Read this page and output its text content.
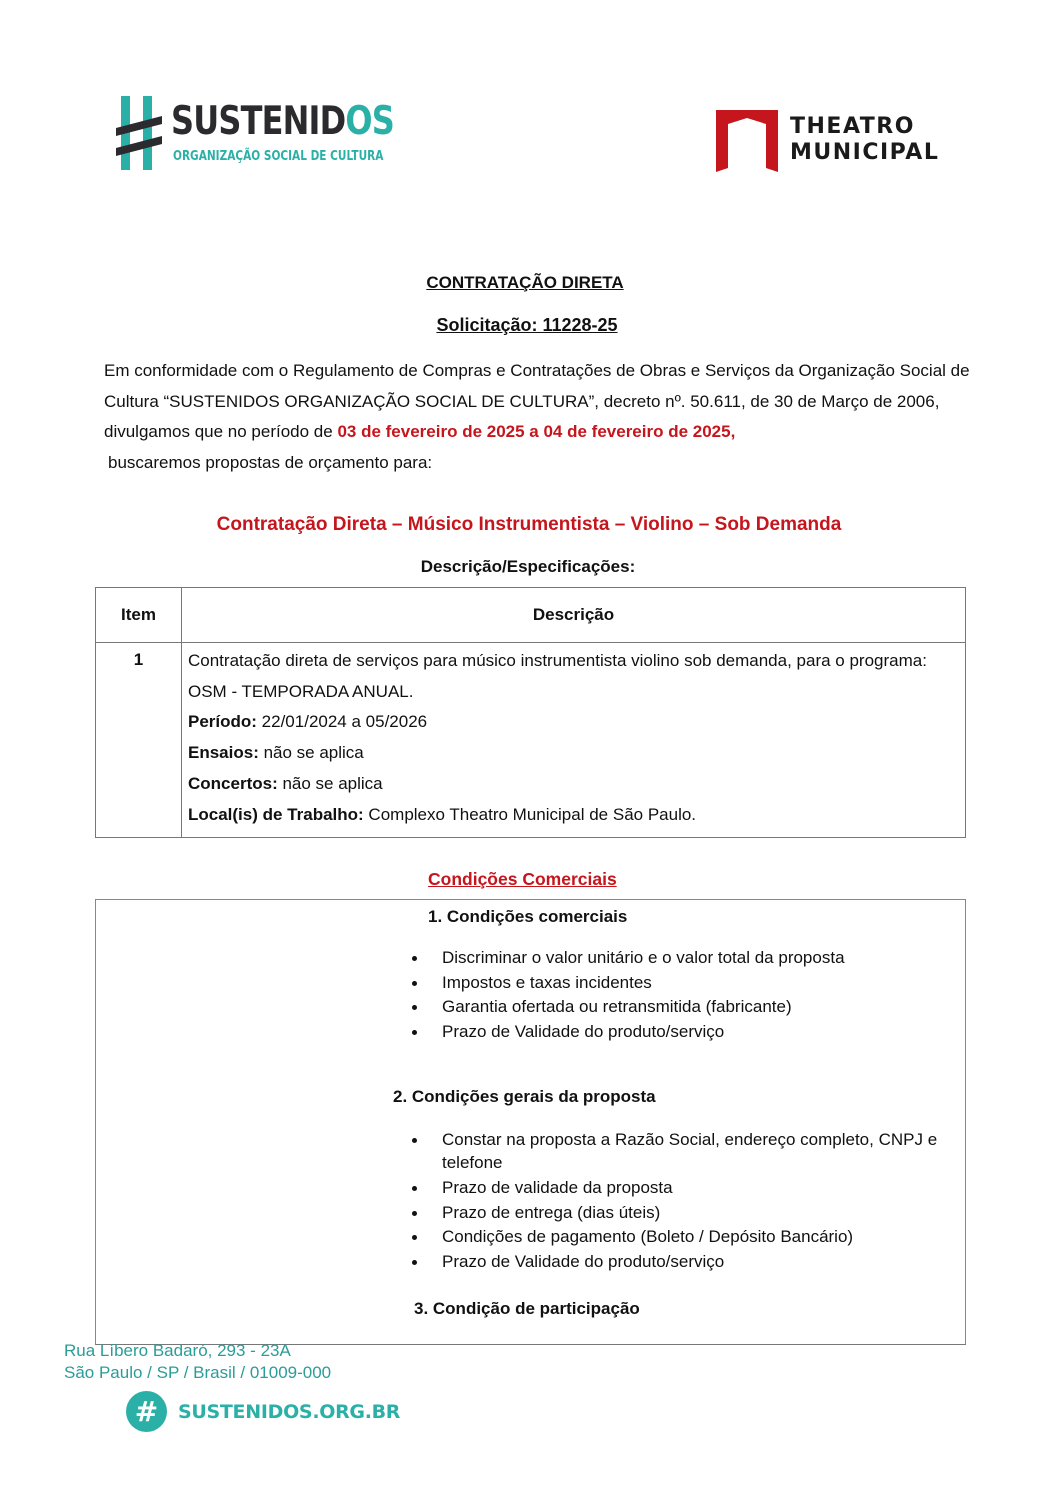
SUSTENIDOS
ORGANIZAÇÃO SOCIAL DE CULTURA
THEATRO
MUNICIPAL
CONTRATAÇÃO DIRETA
Solicitação: 11228-25
Em conformidade com o Regulamento de Compras e Contratações de Obras e Serviços da Organização Social de Cultura “SUSTENIDOS ORGANIZAÇÃO SOCIAL DE CULTURA”, decreto nº. 50.611, de 30 de Março de 2006, divulgamos que no período de 03 de fevereiro de 2025 a 04 de fevereiro de 2025,
buscaremos propostas de orçamento para:
Contratação Direta – Músico Instrumentista – Violino – Sob Demanda
Descrição/Especificações:
Item	Descrição
1	Contratação direta de serviços para músico instrumentista violino sob demanda, para o programa: OSM - TEMPORADA ANUAL.
Período: 22/01/2024 a 05/2026
Ensaios: não se aplica
Concertos: não se aplica
Local(is) de Trabalho: Complexo Theatro Municipal de São Paulo.
Condições Comerciais
1. Condições comerciais
Discriminar o valor unitário e o valor total da proposta
Impostos e taxas incidentes
Garantia ofertada ou retransmitida (fabricante)
Prazo de Validade do produto/serviço
2. Condições gerais da proposta
Constar na proposta a Razão Social, endereço completo, CNPJ e telefone
Prazo de validade da proposta
Prazo de entrega (dias úteis)
Condições de pagamento (Boleto / Depósito Bancário)
Prazo de Validade do produto/serviço
3. Condição de participação
Rua Líbero Badaró, 293 - 23A
São Paulo / SP / Brasil / 01009-000
#	SUSTENIDOS.ORG.BR
